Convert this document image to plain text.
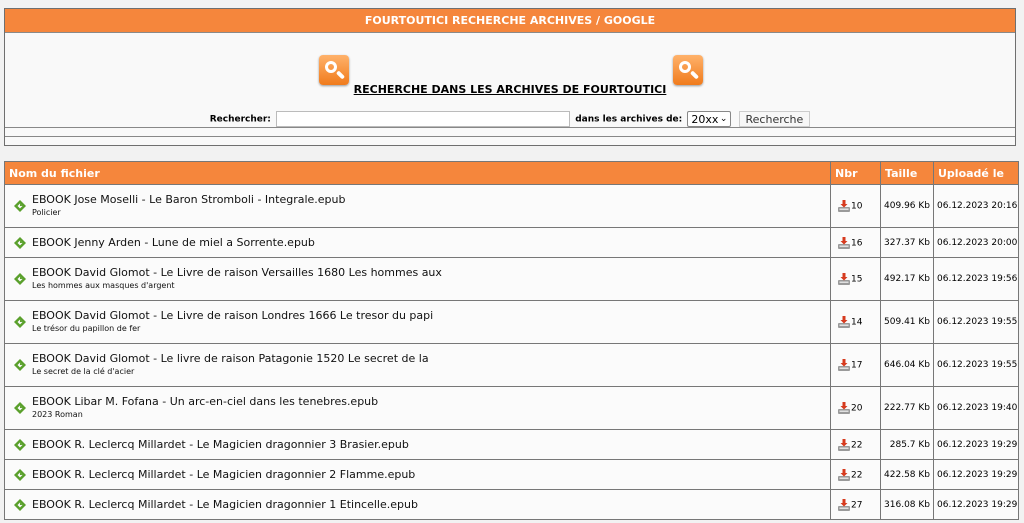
FOURTOUTICI RECHERCHE ARCHIVES / GOOGLE
RECHERCHE DANS LES ARCHIVES DE FOURTOUTICI
Rechercher:	dans les archives de: 20xx ⌄ Recherche
Nom du fichier	Nbr	Taille	Uploadé le

EBOOK Jose Moselli - Le Baron Stromboli - Integrale.epub
Policier	10	409.96 Kb	06.12.2023 20:16

EBOOK Jenny Arden - Lune de miel a Sorrente.epub	16	327.37 Kb	06.12.2023 20:00

EBOOK David Glomot - Le Livre de raison Versailles 1680 Les hommes aux
Les hommes aux masques d'argent	15	492.17 Kb	06.12.2023 19:56

EBOOK David Glomot - Le Livre de raison Londres 1666 Le tresor du papi
Le trésor du papillon de fer	14	509.41 Kb	06.12.2023 19:55

EBOOK David Glomot - Le livre de raison Patagonie 1520 Le secret de la
Le secret de la clé d'acier	17	646.04 Kb	06.12.2023 19:55

EBOOK Libar M. Fofana - Un arc-en-ciel dans les tenebres.epub
2023 Roman	20	222.77 Kb	06.12.2023 19:40

EBOOK R. Leclercq Millardet - Le Magicien dragonnier 3 Brasier.epub	22	285.7 Kb	06.12.2023 19:29

EBOOK R. Leclercq Millardet - Le Magicien dragonnier 2 Flamme.epub	22	422.58 Kb	06.12.2023 19:29

EBOOK R. Leclercq Millardet - Le Magicien dragonnier 1 Etincelle.epub	27	316.08 Kb	06.12.2023 19:29
